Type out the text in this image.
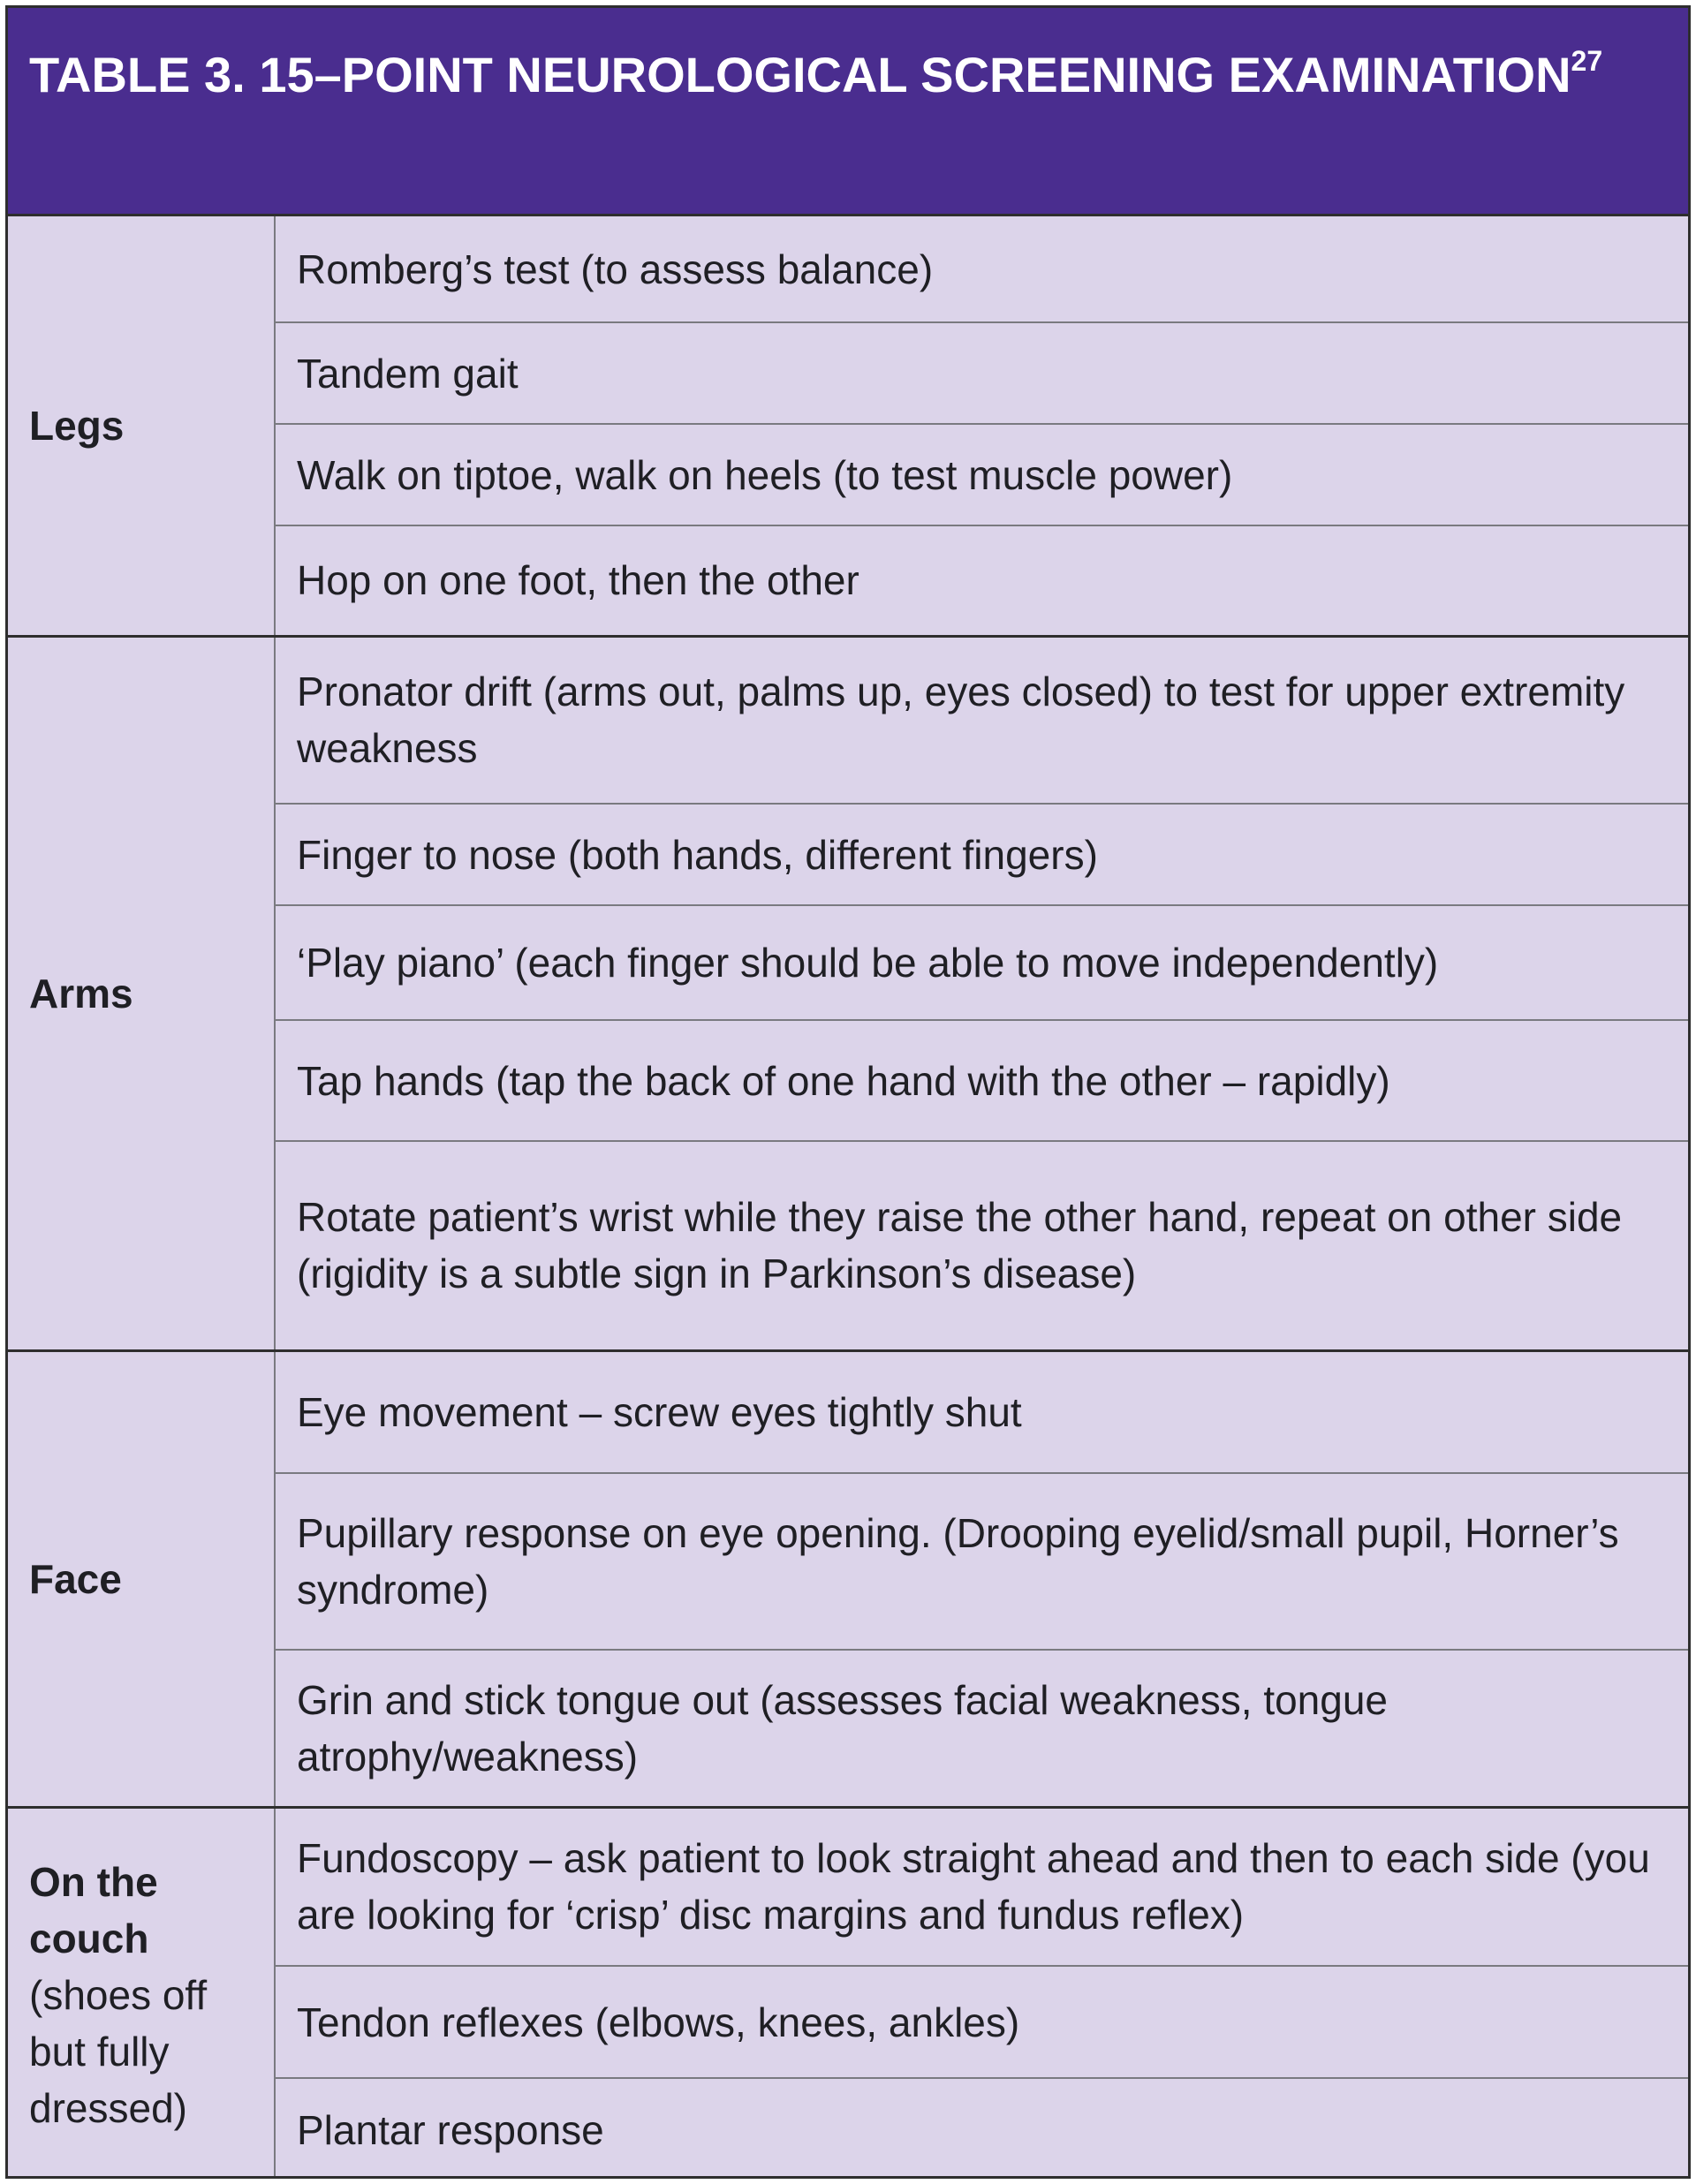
TABLE 3. 15–POINT NEUROLOGICAL SCREENING EXAMINATION$^{27}$
Legs	Romberg’s test (to assess balance)
	Tandem gait
	Walk on tiptoe, walk on heels (to test muscle power)
	Hop on one foot, then the other

Arms	Pronator drift (arms out, palms up, eyes closed) to test for upper extremity weakness
	Finger to nose (both hands, different fingers)
	‘Play piano’ (each finger should be able to move independently)
	Tap hands (tap the back of one hand with the other – rapidly)
	Rotate patient’s wrist while they raise the other hand, repeat on other side (rigidity is a subtle sign in Parkinson’s disease)

Face	Eye movement – screw eyes tightly shut
	Pupillary response on eye opening. (Drooping eyelid/small pupil, Horner’s syndrome)
	Grin and stick tongue out (assesses facial weakness, tongue atrophy/weakness)

On the couch
(shoes off but fully dressed)	Fundoscopy – ask patient to look straight ahead and then to each side (you are looking for ‘crisp’ disc margins and fundus reflex)
	Tendon reflexes (elbows, knees, ankles)
	Plantar response
